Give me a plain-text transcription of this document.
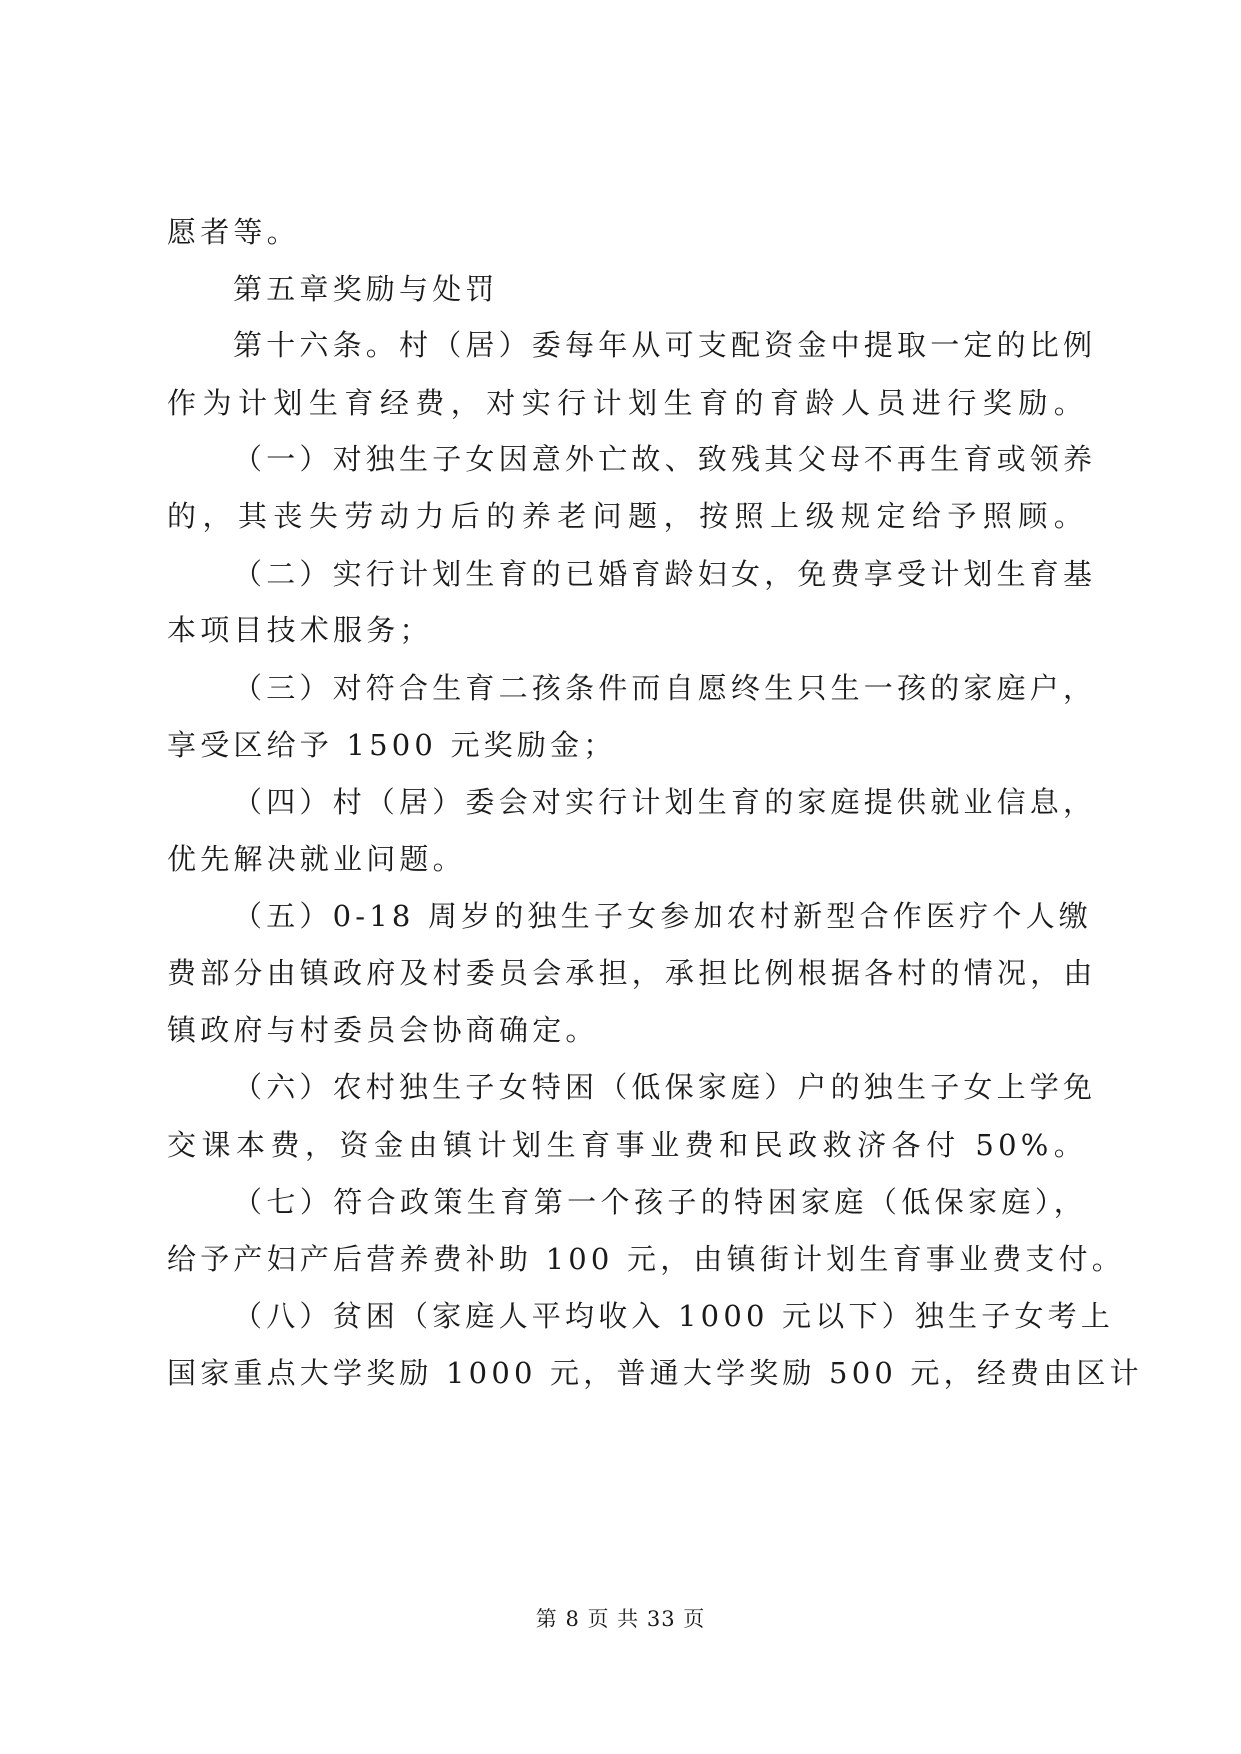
愿者等。
第五章奖励与处罚
第十六条。村（居）委每年从可支配资金中提取一定的比例
作为计划生育经费，对实行计划生育的育龄人员进行奖励。
（一）对独生子女因意外亡故、致残其父母不再生育或领养
的，其丧失劳动力后的养老问题，按照上级规定给予照顾。
（二）实行计划生育的已婚育龄妇女，免费享受计划生育基
本项目技术服务；
（三）对符合生育二孩条件而自愿终生只生一孩的家庭户，
享受区给予 1500 元奖励金；
（四）村（居）委会对实行计划生育的家庭提供就业信息，
优先解决就业问题。
（五）0-18 周岁的独生子女参加农村新型合作医疗个人缴
费部分由镇政府及村委员会承担，承担比例根据各村的情况，由
镇政府与村委员会协商确定。
（六）农村独生子女特困（低保家庭）户的独生子女上学免
交课本费，资金由镇计划生育事业费和民政救济各付 50%。
（七）符合政策生育第一个孩子的特困家庭（低保家庭），
给予产妇产后营养费补助 100 元，由镇街计划生育事业费支付。
（八）贫困（家庭人平均收入 1000 元以下）独生子女考上
国家重点大学奖励 1000 元，普通大学奖励 500 元，经费由区计
第 8 页 共 33 页
